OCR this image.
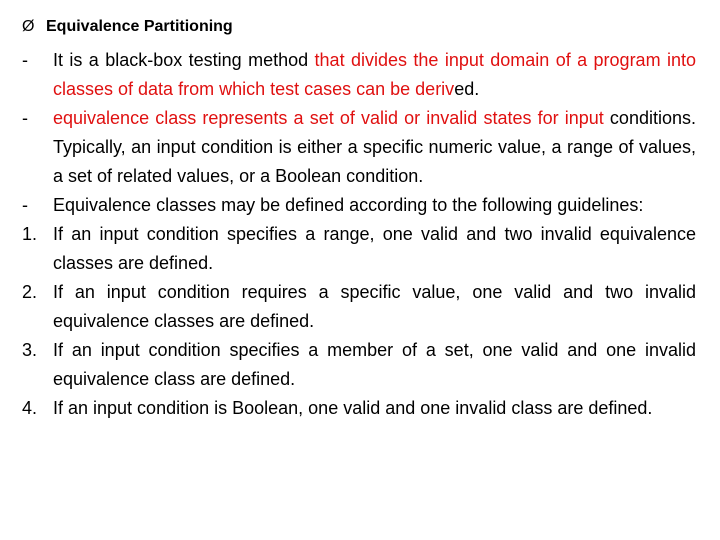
Ø Equivalence Partitioning
- It is a black-box testing method that divides the input domain of a program into classes of data from which test cases can be derived.
- equivalence class represents a set of valid or invalid states for input conditions. Typically, an input condition is either a specific numeric value, a range of values, a set of related values, or a Boolean condition.
- Equivalence classes may be defined according to the following guidelines:
1. If an input condition specifies a range, one valid and two invalid equivalence classes are defined.
2. If an input condition requires a specific value, one valid and two invalid equivalence classes are defined.
3. If an input condition specifies a member of a set, one valid and one invalid equivalence class are defined.
4. If an input condition is Boolean, one valid and one invalid class are defined.
